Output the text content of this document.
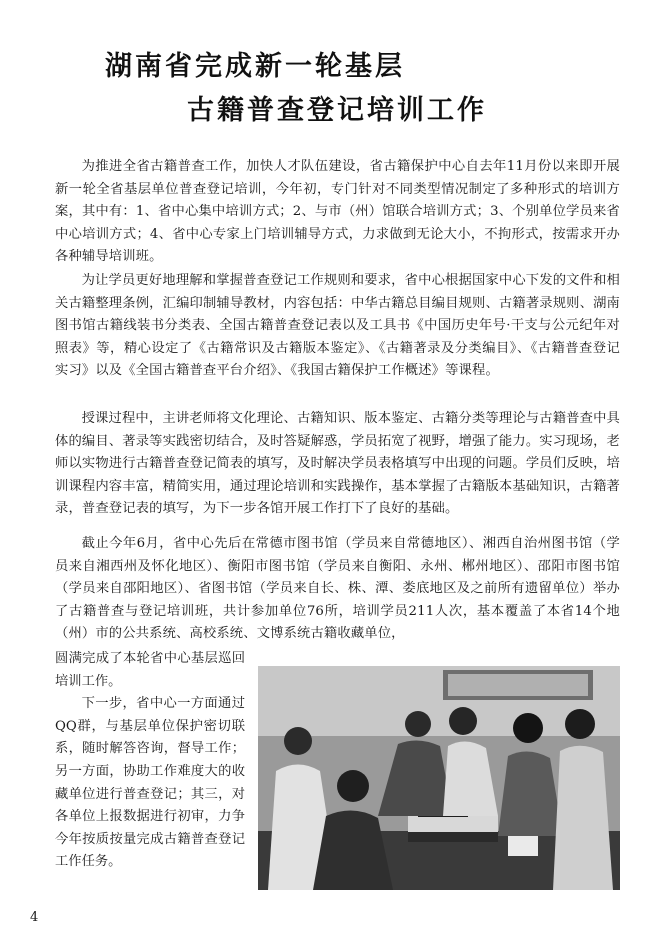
湖南省完成新一轮基层
古籍普查登记培训工作

为推进全省古籍普查工作，加快人才队伍建设，省古籍保护中心自去年11月份以来即开展新一轮全省基层单位普查登记培训，今年初，专门针对不同类型情况制定了多种形式的培训方案，其中有：1、省中心集中培训方式；2、与市（州）馆联合培训方式；3、个别单位学员来省中心培训方式；4、省中心专家上门培训辅导方式，力求做到无论大小，不拘形式，按需求开办各种辅导培训班。

为让学员更好地理解和掌握普查登记工作规则和要求，省中心根据国家中心下发的文件和相关古籍整理条例，汇编印制辅导教材，内容包括：中华古籍总目编目规则、古籍著录规则、湖南图书馆古籍线装书分类表、全国古籍普查登记表以及工具书《中国历史年号·干支与公元纪年对照表》等，精心设定了《古籍常识及古籍版本鉴定》、《古籍著录及分类编目》、《古籍普查登记实习》以及《全国古籍普查平台介绍》、《我国古籍保护工作概述》等课程。

授课过程中，主讲老师将文化理论、古籍知识、版本鉴定、古籍分类等理论与古籍普查中具体的编目、著录等实践密切结合，及时答疑解惑，学员拓宽了视野，增强了能力。实习现场，老师以实物进行古籍普查登记简表的填写，及时解决学员表格填写中出现的问题。学员们反映，培训课程内容丰富，精简实用，通过理论培训和实践操作，基本掌握了古籍版本基础知识，古籍著录，普查登记表的填写，为下一步各馆开展工作打下了良好的基础。

截止今年6月，省中心先后在常德市图书馆（学员来自常德地区）、湘西自治州图书馆（学员来自湘西州及怀化地区）、衡阳市图书馆（学员来自衡阳、永州、郴州地区）、邵阳市图书馆（学员来自邵阳地区）、省图书馆（学员来自长、株、潭、娄底地区及之前所有遗留单位）举办了古籍普查与登记培训班，共计参加单位76所，培训学员211人次，基本覆盖了本省14个地（州）市的公共系统、高校系统、文博系统古籍收藏单位，

圆满完成了本轮省中心基层巡回培训工作。

下一步，省中心一方面通过QQ群，与基层单位保护密切联系，随时解答咨询，督导工作；另一方面，协助工作难度大的收藏单位进行普查登记；其三，对各单位上报数据进行初审，力争今年按质按量完成古籍普查登记工作任务。

4
